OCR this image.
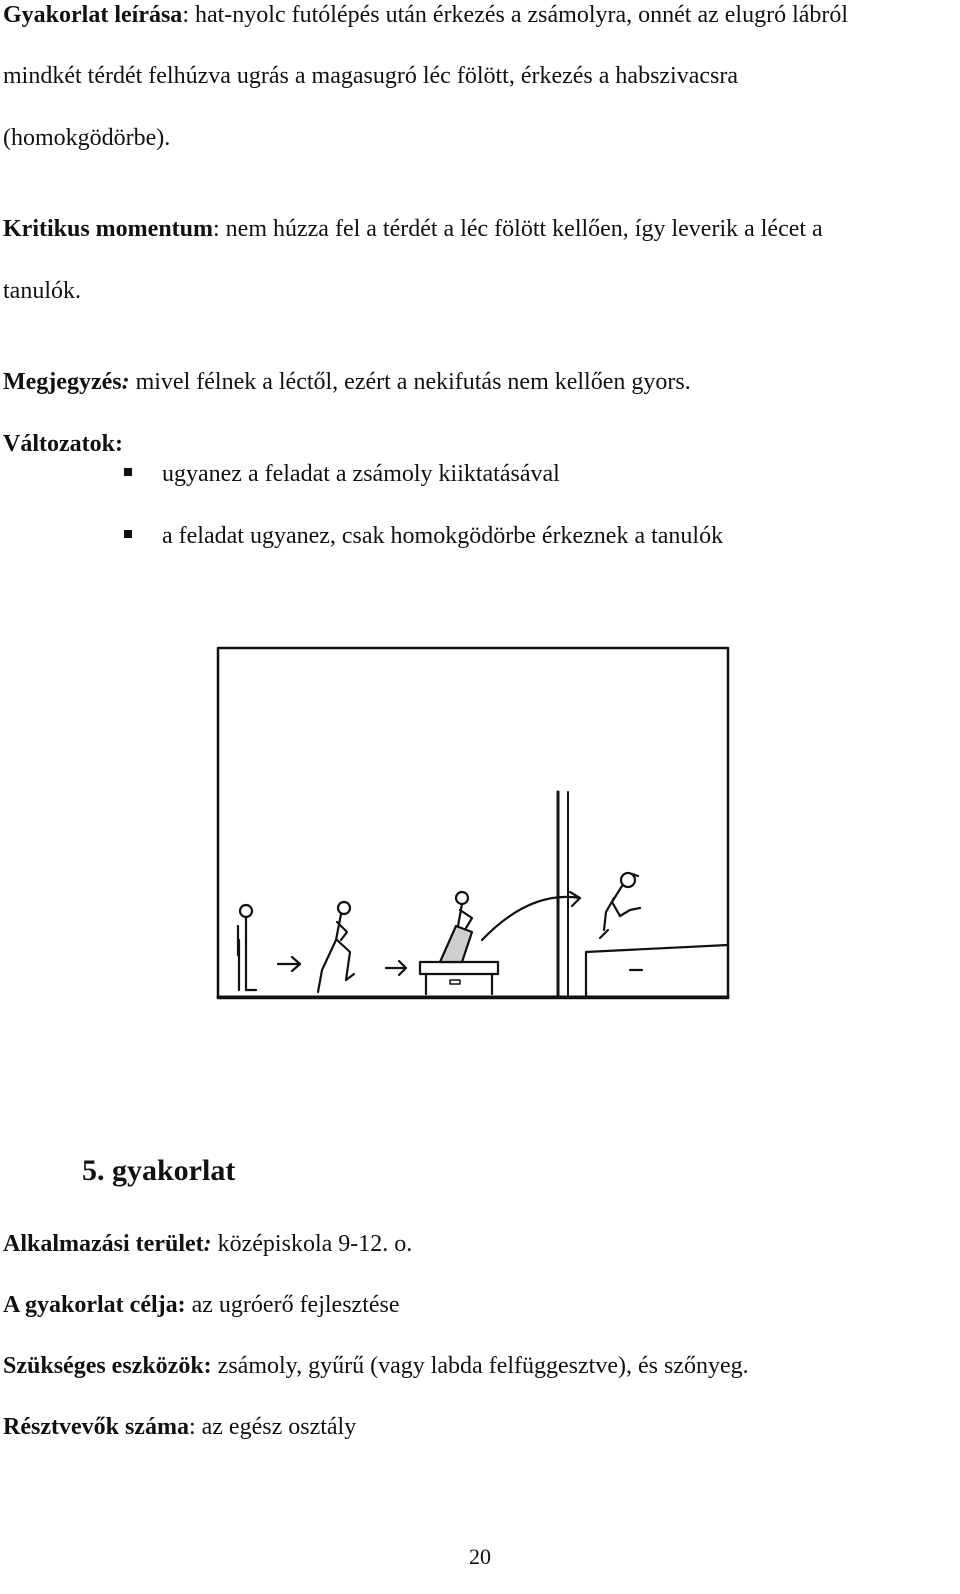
Gyakorlat leírása: hat-nyolc futólépés után érkezés a zsámolyra, onnét az elugró lábról
mindkét térdét felhúzva ugrás a magasugró léc fölött, érkezés a habszivacsra
(homokgödörbe).
Kritikus momentum: nem húzza fel a térdét a léc fölött kellően, így leverik a lécet a
tanulók.
Megjegyzés: mivel félnek a léctől, ezért a nekifutás nem kellően gyors.
Változatok:
ugyanez a feladat a zsámoly kiiktatásával
a feladat ugyanez, csak homokgödörbe érkeznek a tanulók
5. gyakorlat
Alkalmazási terület: középiskola 9-12. o.
A gyakorlat célja: az ugróerő fejlesztése
Szükséges eszközök: zsámoly, gyűrű (vagy labda felfüggesztve), és szőnyeg.
Résztvevők száma: az egész osztály
20
